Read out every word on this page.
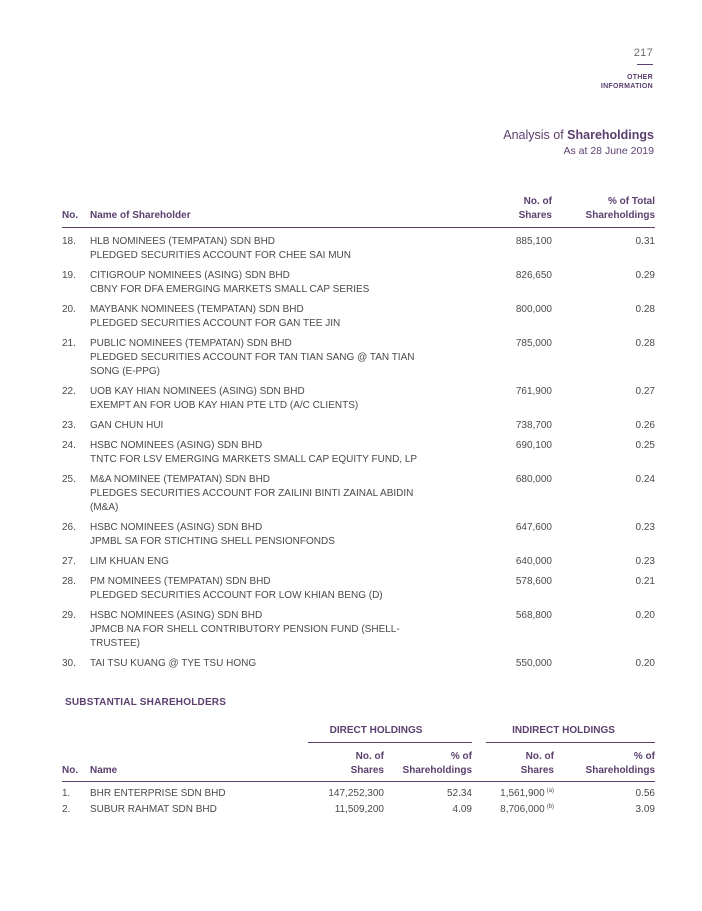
217
OTHER
INFORMATION
Analysis of Shareholdings
As at 28 June 2019
No.	Name of Shareholder	No. of
Shares	% of Total
Shareholdings
18.	HLB NOMINEES (TEMPATAN) SDN BHD
PLEDGED SECURITIES ACCOUNT FOR CHEE SAI MUN	885,100	0.31
19.	CITIGROUP NOMINEES (ASING) SDN BHD
CBNY FOR DFA EMERGING MARKETS SMALL CAP SERIES	826,650	0.29
20.	MAYBANK NOMINEES (TEMPATAN) SDN BHD
PLEDGED SECURITIES ACCOUNT FOR GAN TEE JIN	800,000	0.28
21.	PUBLIC NOMINEES (TEMPATAN) SDN BHD
PLEDGED SECURITIES ACCOUNT FOR TAN TIAN SANG @ TAN TIAN
SONG (E-PPG)	785,000	0.28
22.	UOB KAY HIAN NOMINEES (ASING) SDN BHD
EXEMPT AN FOR UOB KAY HIAN PTE LTD (A/C CLIENTS)	761,900	0.27
23.	GAN CHUN HUI	738,700	0.26
24.	HSBC NOMINEES (ASING) SDN BHD
TNTC FOR LSV EMERGING MARKETS SMALL CAP EQUITY FUND, LP	690,100	0.25
25.	M&A NOMINEE (TEMPATAN) SDN BHD
PLEDGES SECURITIES ACCOUNT FOR ZAILINI BINTI ZAINAL ABIDIN
(M&A)	680,000	0.24
26.	HSBC NOMINEES (ASING) SDN BHD
JPMBL SA FOR STICHTING SHELL PENSIONFONDS	647,600	0.23
27.	LIM KHUAN ENG	640,000	0.23
28.	PM NOMINEES (TEMPATAN) SDN BHD
PLEDGED SECURITIES ACCOUNT FOR LOW KHIAN BENG (D)	578,600	0.21
29.	HSBC NOMINEES (ASING) SDN BHD
JPMCB NA FOR SHELL CONTRIBUTORY PENSION FUND (SHELL-
TRUSTEE)	568,800	0.20
30.	TAI TSU KUANG @ TYE TSU HONG	550,000	0.20
SUBSTANTIAL SHAREHOLDERS
		DIRECT HOLDINGS		INDIRECT HOLDINGS	

No.	Name	No. of
Shares	% of
Shareholdings	No. of
Shares	% of
Shareholdings
1.	BHR ENTERPRISE SDN BHD	147,252,300	52.34	1,561,900 $^{(a)}$	0.56
2.	SUBUR RAHMAT SDN BHD	11,509,200	4.09	8,706,000 $^{(b)}$	3.09
